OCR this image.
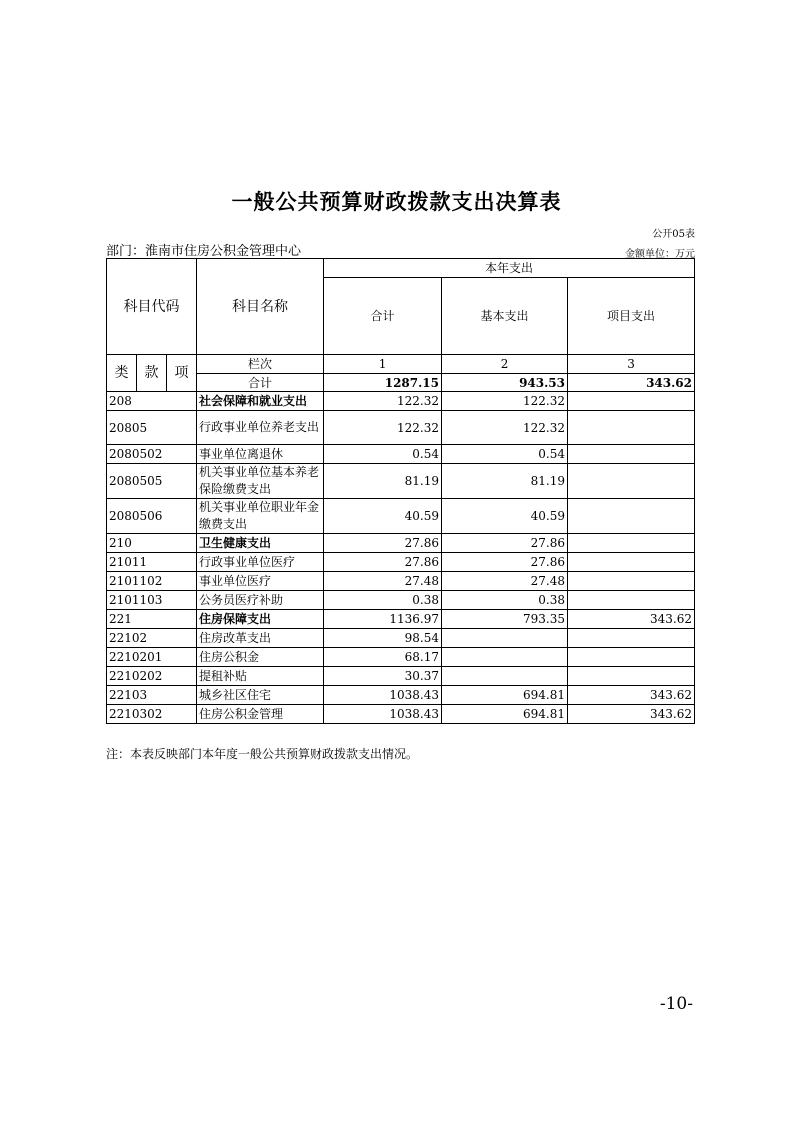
一般公共预算财政拨款支出决算表
公开05表
部门：淮南市住房公积金管理中心	金额单位：万元
科目代码			科目名称	本年支出		
				合计	基本支出	项目支出
类	款	项	栏次	1	2	3
			合计	1287.15	943.53	343.62
208			社会保障和就业支出	122.32	122.32	
20805			行政事业单位养老支出	122.32	122.32	
2080502			事业单位离退休	0.54	0.54	
2080505			机关事业单位基本养老保险缴费支出	81.19	81.19	
2080506			机关事业单位职业年金缴费支出	40.59	40.59	
210			卫生健康支出	27.86	27.86	
21011			行政事业单位医疗	27.86	27.86	
2101102			事业单位医疗	27.48	27.48	
2101103			公务员医疗补助	0.38	0.38	
221			住房保障支出	1136.97	793.35	343.62
22102			住房改革支出	98.54		
2210201			住房公积金	68.17		
2210202			提租补贴	30.37		
22103			城乡社区住宅	1038.43	694.81	343.62
2210302			住房公积金管理	1038.43	694.81	343.62
注：本表反映部门本年度一般公共预算财政拨款支出情况。
-10-
